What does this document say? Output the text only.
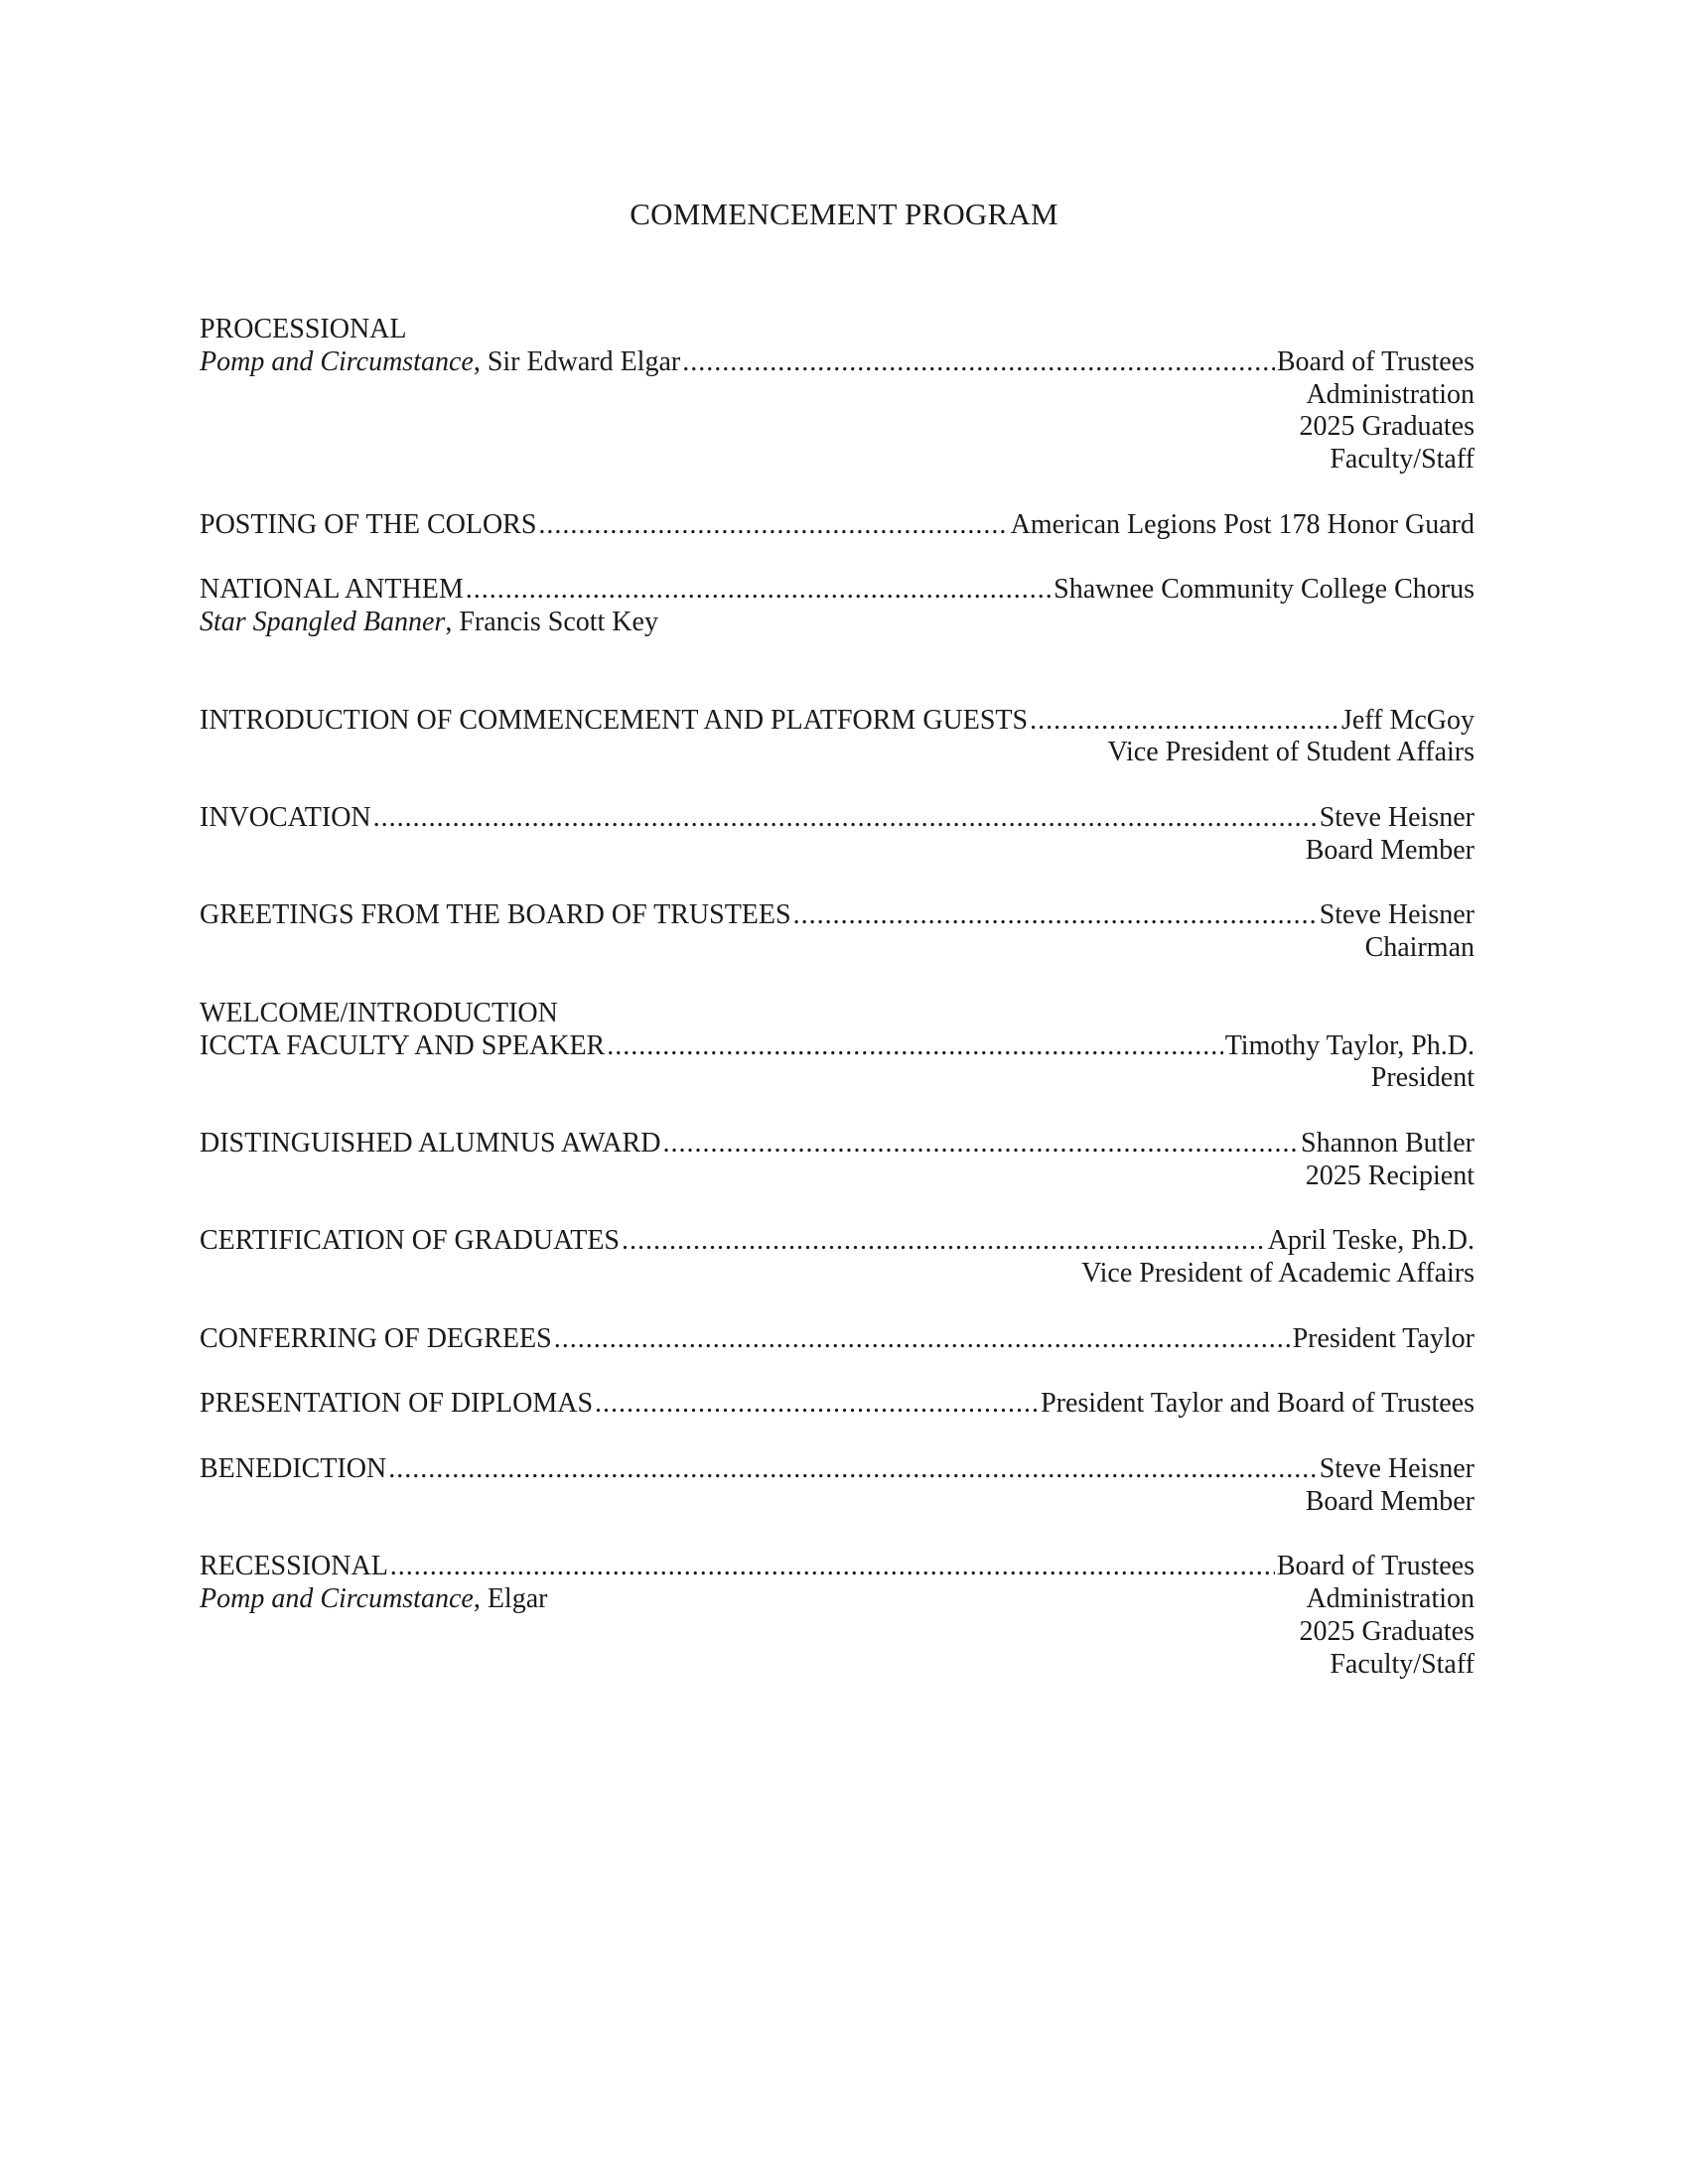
COMMENCEMENT PROGRAM
PROCESSIONAL
Pomp and Circumstance, Sir Edward Elgar .....	Board of Trustees
Administration
2025 Graduates
Faculty/Staff
POSTING OF THE COLORS .....	American Legions Post 178 Honor Guard
NATIONAL ANTHEM .....	Shawnee Community College Chorus
Star Spangled Banner, Francis Scott Key
INTRODUCTION OF COMMENCEMENT AND PLATFORM GUESTS .....	Jeff McGoy
Vice President of Student Affairs
INVOCATION .....	Steve Heisner
Board Member
GREETINGS FROM THE BOARD OF TRUSTEES .....	Steve Heisner
Chairman
WELCOME/INTRODUCTION
ICCTA FACULTY AND SPEAKER .....	Timothy Taylor, Ph.D.
President
DISTINGUISHED ALUMNUS AWARD .....	Shannon Butler
2025 Recipient
CERTIFICATION OF GRADUATES .....	April Teske, Ph.D.
Vice President of Academic Affairs
CONFERRING OF DEGREES .....	President Taylor
PRESENTATION OF DIPLOMAS .....	President Taylor and Board of Trustees
BENEDICTION .....	Steve Heisner
Board Member
RECESSIONAL .....	Board of Trustees
Pomp and Circumstance, Elgar	Administration
2025 Graduates
Faculty/Staff
